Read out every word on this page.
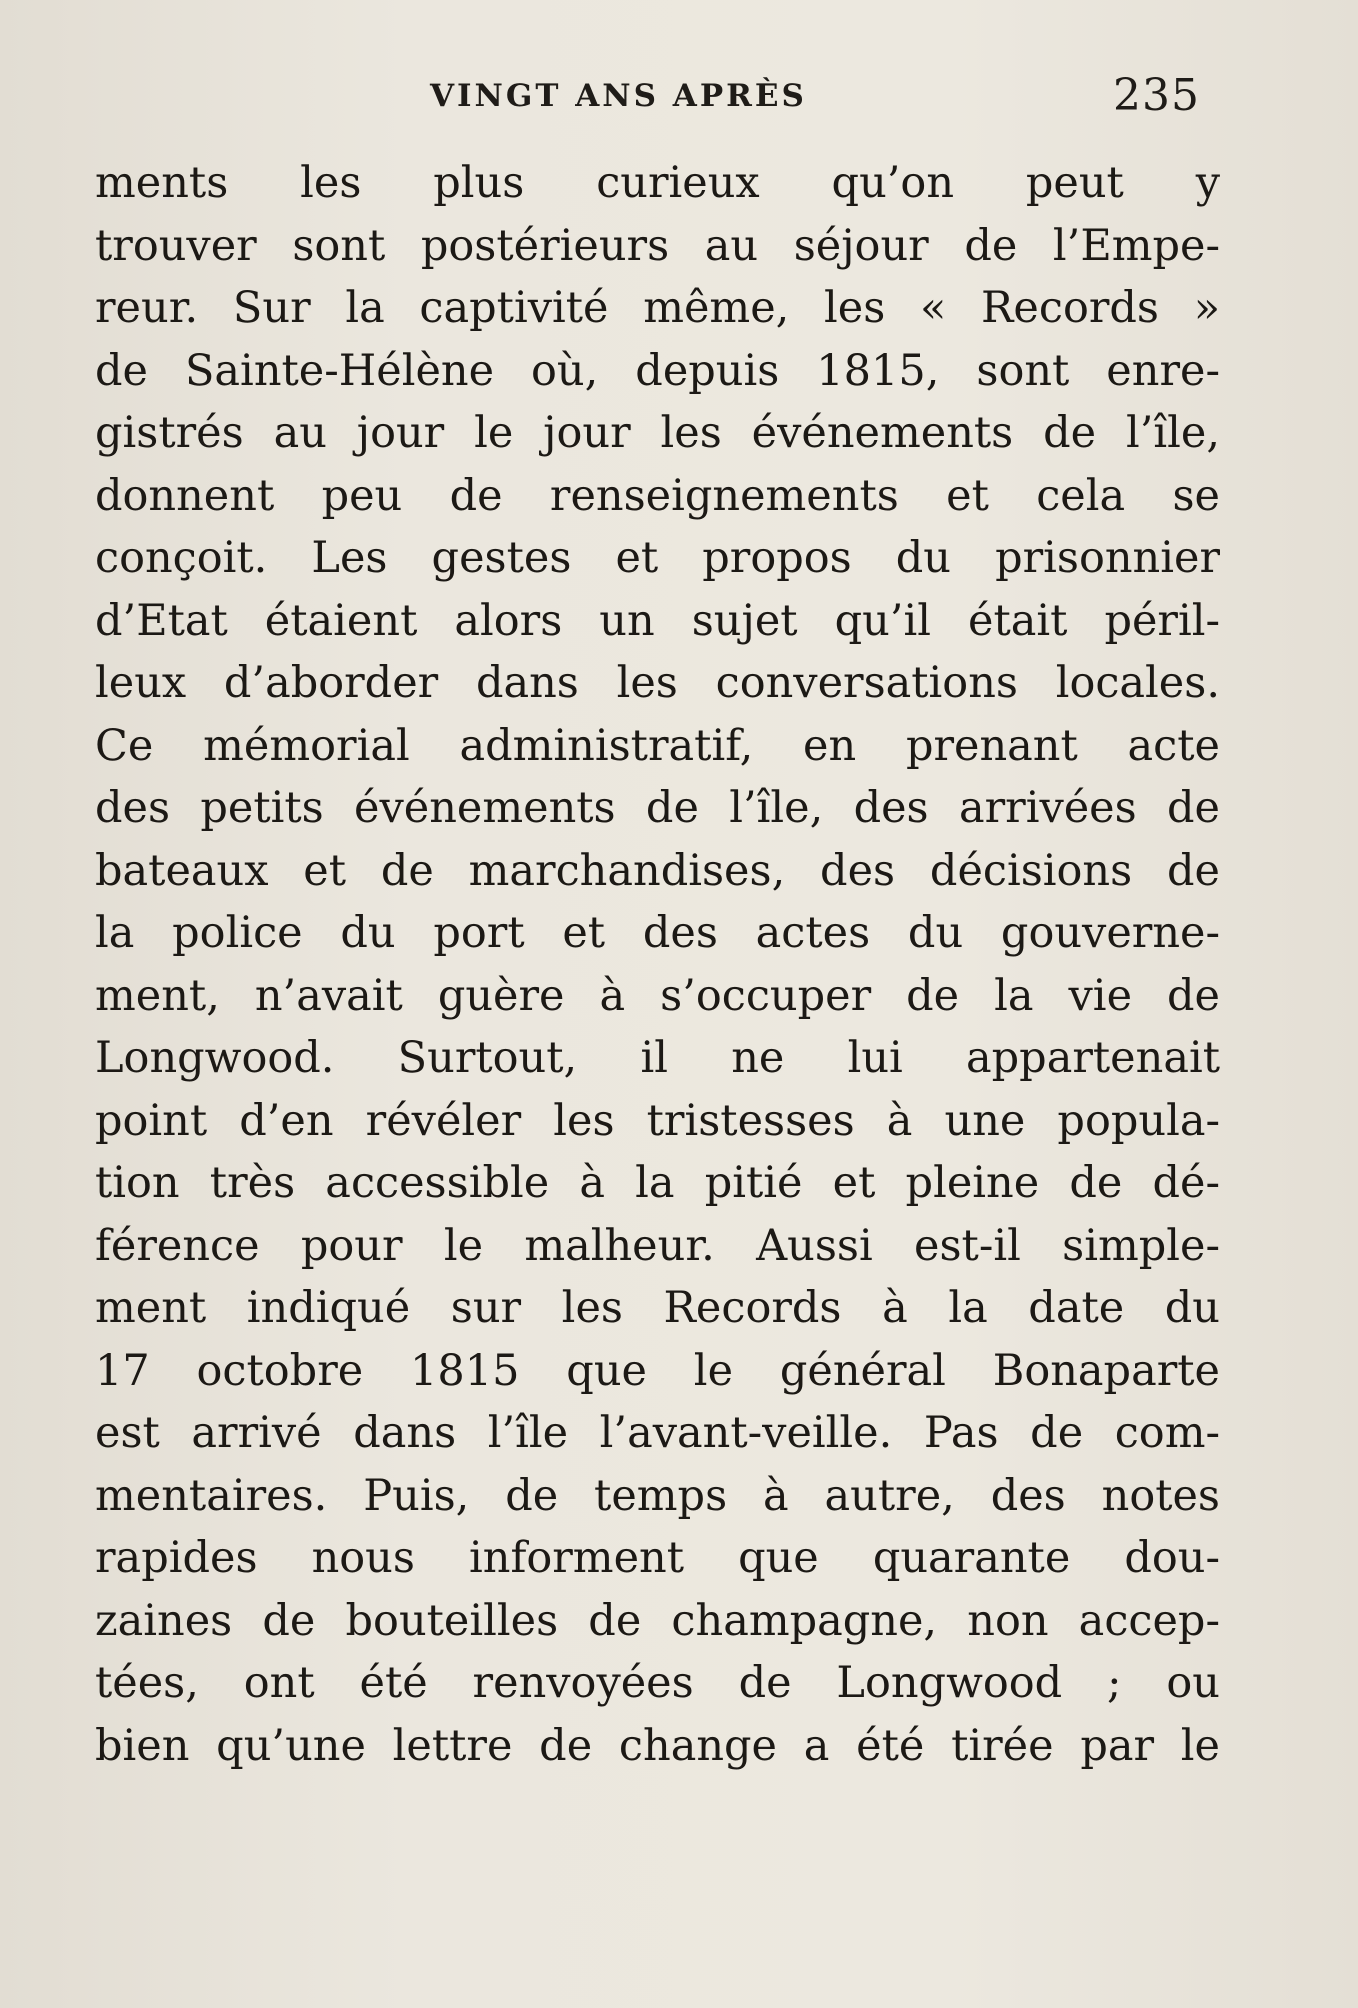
VINGT ANS APRÈS	235
ments les plus curieux qu’on peut y
trouver sont postérieurs au séjour de l’Empe-
reur. Sur la captivité même, les « Records »
de Sainte-Hélène où, depuis 1815, sont enre-
gistrés au jour le jour les événements de l’île,
donnent peu de renseignements et cela se
conçoit. Les gestes et propos du prisonnier
d’Etat étaient alors un sujet qu’il était péril-
leux d’aborder dans les conversations locales.
Ce mémorial administratif, en prenant acte
des petits événements de l’île, des arrivées de
bateaux et de marchandises, des décisions de
la police du port et des actes du gouverne-
ment, n’avait guère à s’occuper de la vie de
Longwood. Surtout, il ne lui appartenait
point d’en révéler les tristesses à une popula-
tion très accessible à la pitié et pleine de dé-
férence pour le malheur. Aussi est-il simple-
ment indiqué sur les Records à la date du
17 octobre 1815 que le général Bonaparte
est arrivé dans l’île l’avant-veille. Pas de com-
mentaires. Puis, de temps à autre, des notes
rapides nous informent que quarante dou-
zaines de bouteilles de champagne, non accep-
tées, ont été renvoyées de Longwood ; ou
bien qu’une lettre de change a été tirée par le
